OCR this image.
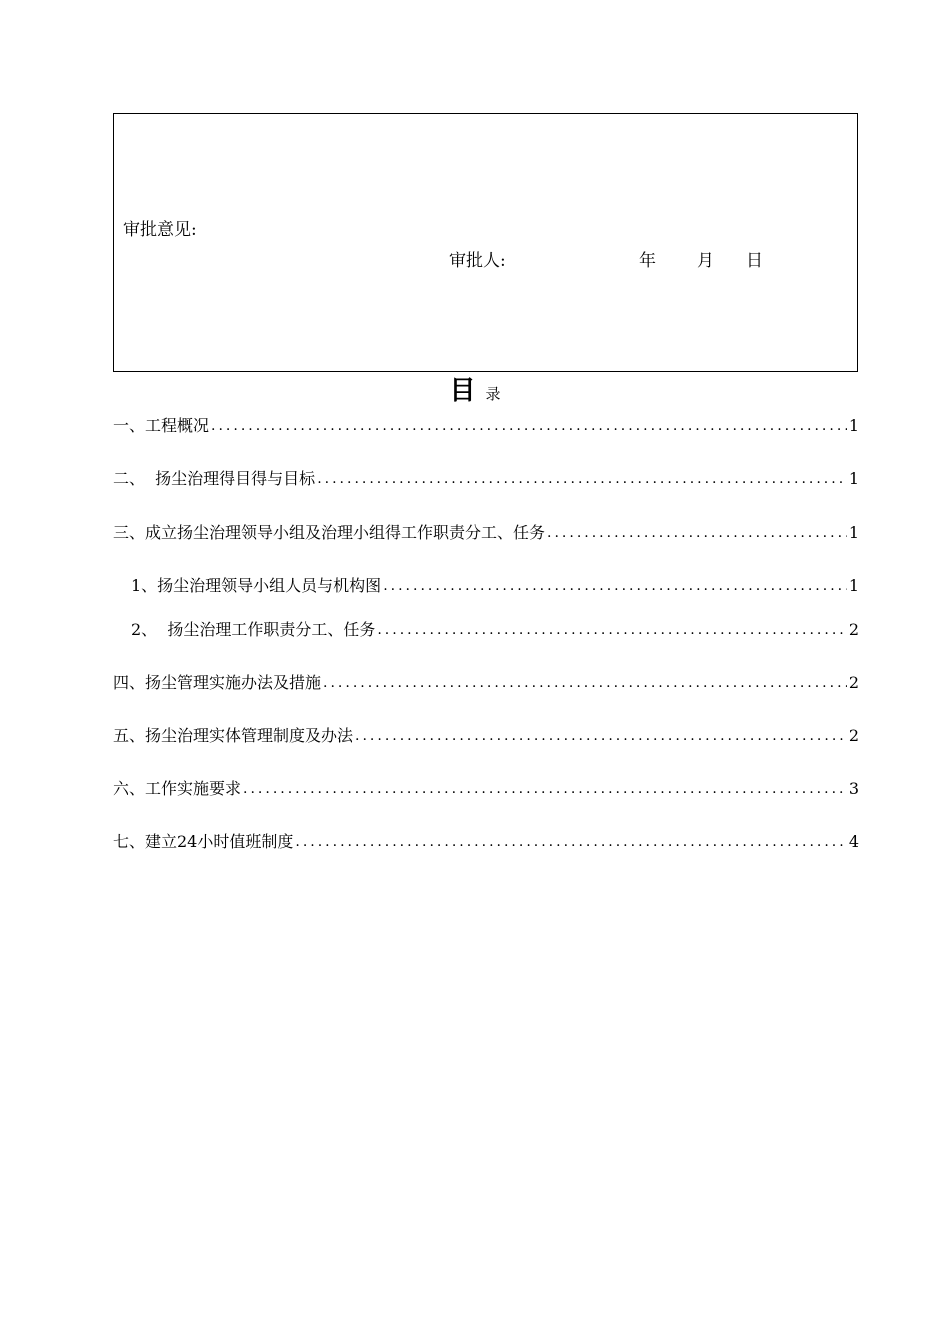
审批意见:
审批人:	年 月 日
目录
一、工程概况 .....	1
二、  扬尘治理得目得与目标 .....	1
三、成立扬尘治理领导小组及治理小组得工作职责分工、任务 .....	1
1、扬尘治理领导小组人员与机构图 .....	1
2、  扬尘治理工作职责分工、任务 .....	2
四、扬尘管理实施办法及措施 .....	2
五、扬尘治理实体管理制度及办法 .....	2
六、工作实施要求 .....	3
七、建立24小时值班制度 .....	4
